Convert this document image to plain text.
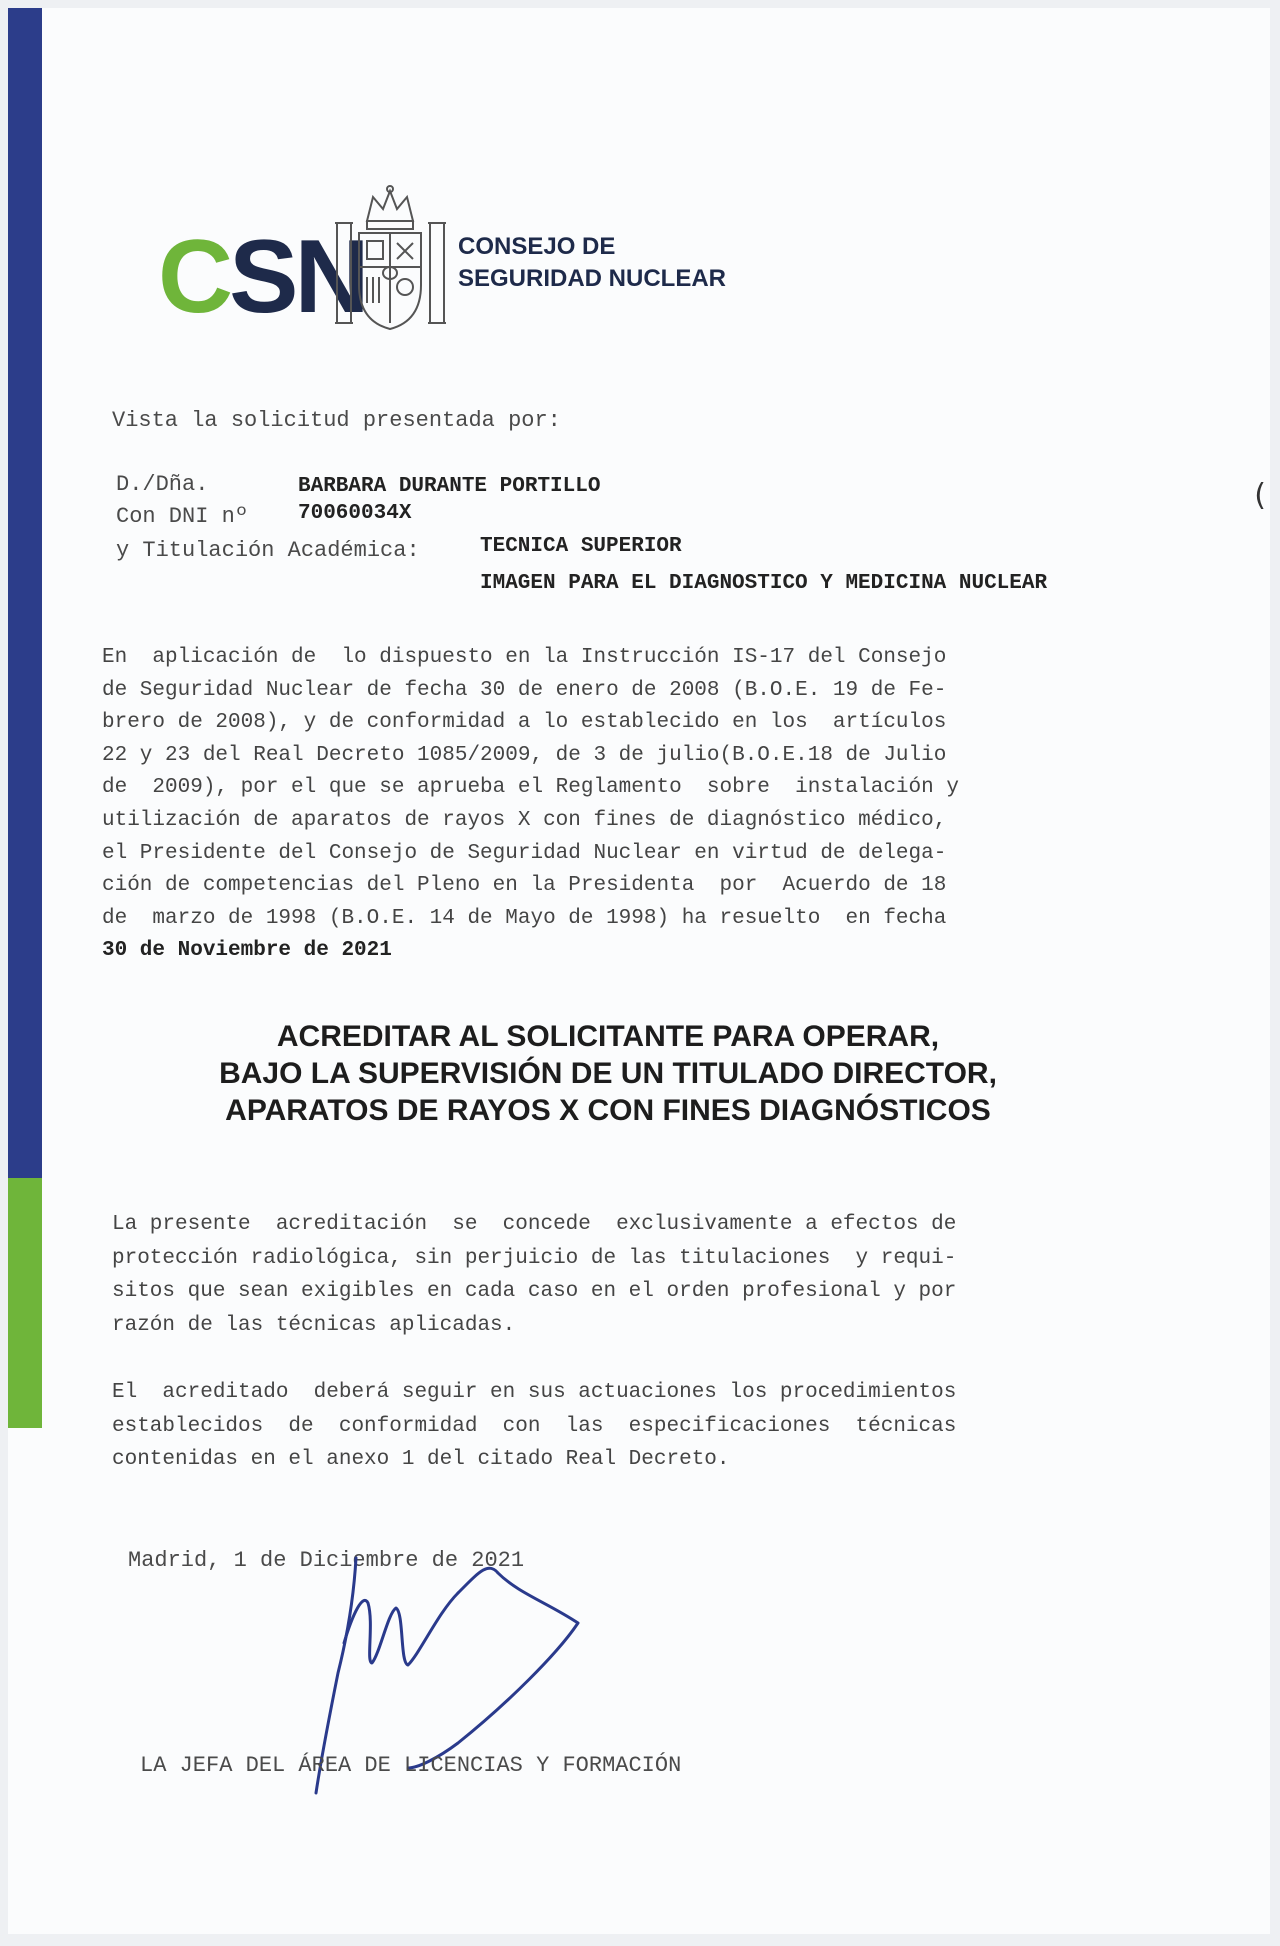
CSN	CONSEJO DE
SEGURIDAD NUCLEAR
Vista la solicitud presentada por:
D./Dña.	BARBARA DURANTE PORTILLO
Con DNI nº 70060034X
y Titulación Académica:	TECNICA SUPERIOR
IMAGEN PARA EL DIAGNOSTICO Y MEDICINA NUCLEAR
En  aplicación de  lo dispuesto en la Instrucción IS-17 del Consejo
de Seguridad Nuclear de fecha 30 de enero de 2008 (B.O.E. 19 de Fe-
brero de 2008), y de conformidad a lo establecido en los  artículos
22 y 23 del Real Decreto 1085/2009, de 3 de julio(B.O.E.18 de Julio
de  2009), por el que se aprueba el Reglamento  sobre  instalación y
utilización de aparatos de rayos X con fines de diagnóstico médico,
el Presidente del Consejo de Seguridad Nuclear en virtud de delega-
ción de competencias del Pleno en la Presidenta  por  Acuerdo de 18
de  marzo de 1998 (B.O.E. 14 de Mayo de 1998) ha resuelto  en fecha
30 de Noviembre de 2021
ACREDITAR AL SOLICITANTE PARA OPERAR,
BAJO LA SUPERVISIÓN DE UN TITULADO DIRECTOR,
APARATOS DE RAYOS X CON FINES DIAGNÓSTICOS
La presente  acreditación  se  concede  exclusivamente a efectos de
protección radiológica, sin perjuicio de las titulaciones  y requi-
sitos que sean exigibles en cada caso en el orden profesional y por
razón de las técnicas aplicadas.
El  acreditado  deberá seguir en sus actuaciones los procedimientos
establecidos  de  conformidad  con  las  especificaciones  técnicas
contenidas en el anexo 1 del citado Real Decreto.
Madrid, 1 de Diciembre de 2021
LA JEFA DEL ÁREA DE LICENCIAS Y FORMACIÓN
(
